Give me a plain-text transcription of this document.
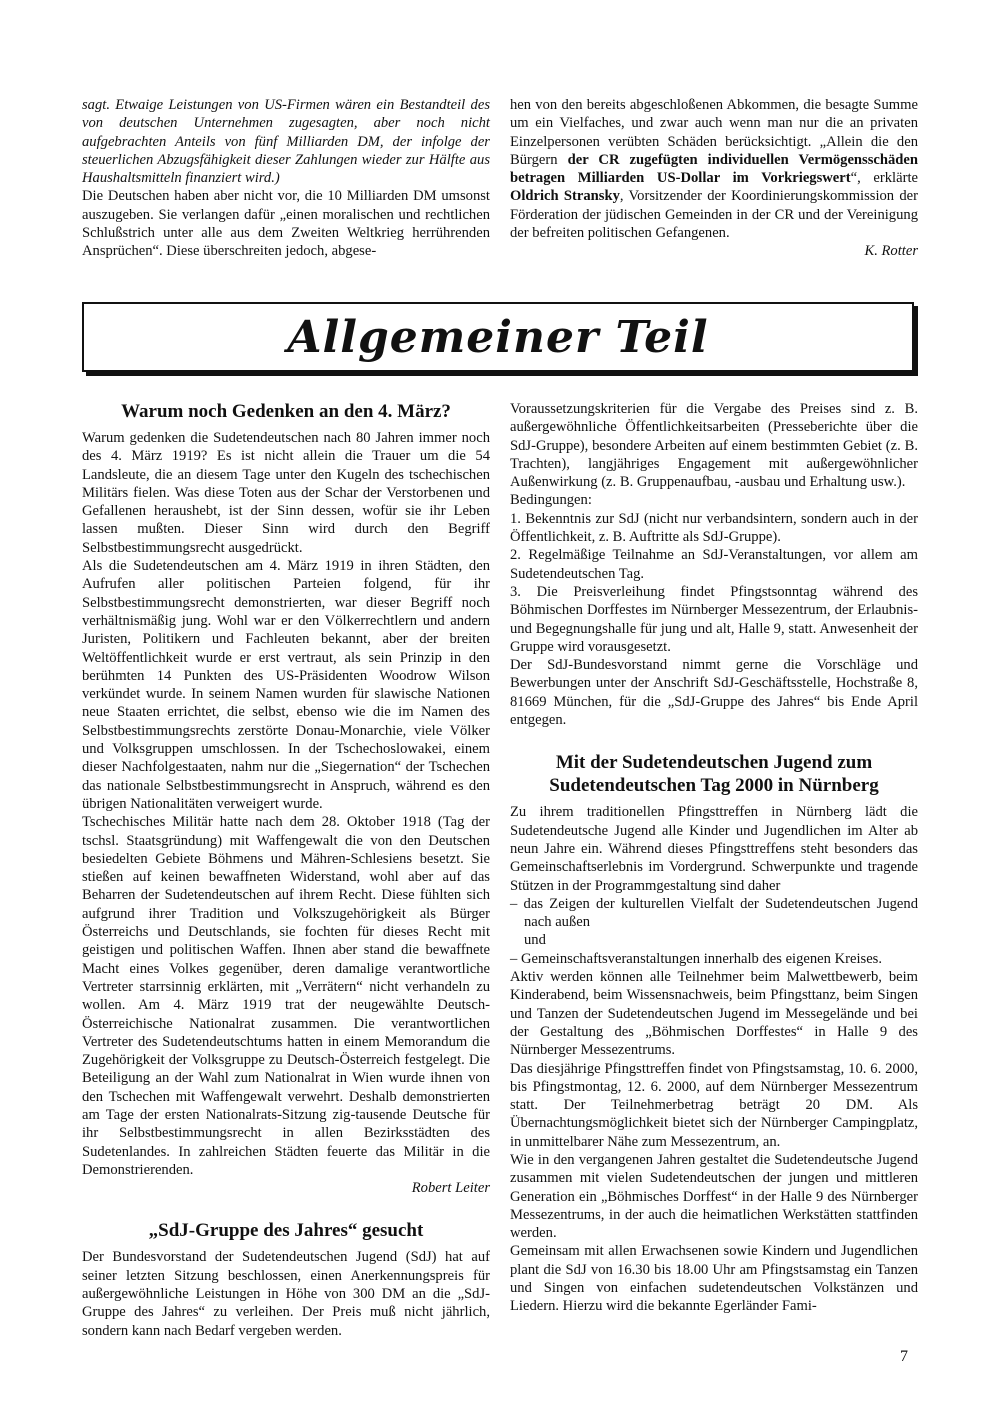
sagt. Etwaige Leistungen von US-Firmen wären ein Bestandteil des von deutschen Unternehmen zugesagten, aber noch nicht aufgebrachten Anteils von fünf Milliarden DM, der infolge der steuerlichen Abzugsfähigkeit dieser Zahlungen wieder zur Hälfte aus Haushaltsmitteln finanziert wird.)

Die Deutschen haben aber nicht vor, die 10 Milliarden DM umsonst auszugeben. Sie verlangen dafür „einen moralischen und rechtlichen Schlußstrich unter alle aus dem Zweiten Weltkrieg herrührenden Ansprüchen“. Diese überschreiten jedoch, abgese-

hen von den bereits abgeschloßenen Abkommen, die besagte Summe um ein Vielfaches, und zwar auch wenn man nur die an privaten Einzelpersonen verübten Schäden berücksichtigt. „Allein die den Bürgern der CR zugefügten individuellen Vermögensschäden betragen Milliarden US-Dollar im Vorkriegswert“, erklärte Oldrich Stransky, Vorsitzender der Koordinierungskommission der Förderation der jüdischen Gemeinden in der CR und der Vereinigung der befreiten politischen Gefangenen.

K. Rotter

Allgemeiner Teil
Warum noch Gedenken an den 4. März?

Warum gedenken die Sudetendeutschen nach 80 Jahren immer noch des 4. März 1919? Es ist nicht allein die Trauer um die 54 Landsleute, die an diesem Tage unter den Kugeln des tschechischen Militärs fielen. Was diese Toten aus der Schar der Verstorbenen und Gefallenen heraushebt, ist der Sinn dessen, wofür sie ihr Leben lassen mußten. Dieser Sinn wird durch den Begriff Selbstbestimmungsrecht ausgedrückt.

Als die Sudetendeutschen am 4. März 1919 in ihren Städten, den Aufrufen aller politischen Parteien folgend, für ihr Selbstbestimmungsrecht demonstrierten, war dieser Begriff noch verhältnismäßig jung. Wohl war er den Völkerrechtlern und andern Juristen, Politikern und Fachleuten bekannt, aber der breiten Weltöffentlichkeit wurde er erst vertraut, als sein Prinzip in den berühmten 14 Punkten des US-Präsidenten Woodrow Wilson verkündet wurde. In seinem Namen wurden für slawische Nationen neue Staaten errichtet, die selbst, ebenso wie die im Namen des Selbstbestimmungsrechts zerstörte Donau-Monarchie, viele Völker und Volksgruppen umschlossen. In der Tschechoslowakei, einem dieser Nachfolgestaaten, nahm nur die „Siegernation“ der Tschechen das nationale Selbstbestimmungsrecht in Anspruch, während es den übrigen Nationalitäten verweigert wurde.

Tschechisches Militär hatte nach dem 28. Oktober 1918 (Tag der tschsl. Staatsgründung) mit Waffengewalt die von den Deutschen besiedelten Gebiete Böhmens und Mähren-Schlesiens besetzt. Sie stießen auf keinen bewaffneten Widerstand, wohl aber auf das Beharren der Sudetendeutschen auf ihrem Recht. Diese fühlten sich aufgrund ihrer Tradition und Volkszugehörigkeit als Bürger Österreichs und Deutschlands, sie fochten für dieses Recht mit geistigen und politischen Waffen. Ihnen aber stand die bewaffnete Macht eines Volkes gegenüber, deren damalige verantwortliche Vertreter starrsinnig erklärten, mit „Verrätern“ nicht verhandeln zu wollen. Am 4. März 1919 trat der neugewählte Deutsch-Österreichische Nationalrat zusammen. Die verantwortlichen Vertreter des Sudetendeutschtums hatten in einem Memorandum die Zugehörigkeit der Volksgruppe zu Deutsch-Österreich festgelegt. Die Beteiligung an der Wahl zum Nationalrat in Wien wurde ihnen von den Tschechen mit Waffengewalt verwehrt. Deshalb demonstrierten am Tage der ersten Nationalrats-Sitzung zig-tausende Deutsche für ihr Selbstbestimmungsrecht in allen Bezirksstädten des Sudetenlandes. In zahlreichen Städten feuerte das Militär in die Demonstrierenden.

Robert Leiter

„SdJ-Gruppe des Jahres“ gesucht

Der Bundesvorstand der Sudetendeutschen Jugend (SdJ) hat auf seiner letzten Sitzung beschlossen, einen Anerkennungspreis für außergewöhnliche Leistungen in Höhe von 300 DM an die „SdJ-Gruppe des Jahres“ zu verleihen. Der Preis muß nicht jährlich, sondern kann nach Bedarf vergeben werden.

Voraussetzungskriterien für die Vergabe des Preises sind z. B. außergewöhnliche Öffentlichkeitsarbeiten (Presseberichte über die SdJ-Gruppe), besondere Arbeiten auf einem bestimmten Gebiet (z. B. Trachten), langjähriges Engagement mit außergewöhnlicher Außenwirkung (z. B. Gruppenaufbau, -ausbau und Erhaltung usw.).

Bedingungen:

1. Bekenntnis zur SdJ (nicht nur verbandsintern, sondern auch in der Öffentlichkeit, z. B. Auftritte als SdJ-Gruppe).

2. Regelmäßige Teilnahme an SdJ-Veranstaltungen, vor allem am Sudetendeutschen Tag.

3. Die Preisverleihung findet Pfingstsonntag während des Böhmischen Dorffestes im Nürnberger Messezentrum, der Erlaubnis- und Begegnungshalle für jung und alt, Halle 9, statt. Anwesenheit der Gruppe wird vorausgesetzt.

Der SdJ-Bundesvorstand nimmt gerne die Vorschläge und Bewerbungen unter der Anschrift SdJ-Geschäftsstelle, Hochstraße 8, 81669 München, für die „SdJ-Gruppe des Jahres“ bis Ende April entgegen.

Mit der Sudetendeutschen Jugend zum
Sudetendeutschen Tag 2000 in Nürnberg

Zu ihrem traditionellen Pfingsttreffen in Nürnberg lädt die Sudetendeutsche Jugend alle Kinder und Jugendlichen im Alter ab neun Jahre ein. Während dieses Pfingsttreffens steht besonders das Gemeinschaftserlebnis im Vordergrund. Schwerpunkte und tragende Stützen in der Programmgestaltung sind daher

– das Zeigen der kulturellen Vielfalt der Sudetendeutschen Jugend nach außen

und

– Gemeinschaftsveranstaltungen innerhalb des eigenen Kreises.

Aktiv werden können alle Teilnehmer beim Malwettbewerb, beim Kinderabend, beim Wissensnachweis, beim Pfingsttanz, beim Singen und Tanzen der Sudetendeutschen Jugend im Messegelände und bei der Gestaltung des „Böhmischen Dorffestes“ in Halle 9 des Nürnberger Messezentrums.

Das diesjährige Pfingsttreffen findet von Pfingstsamstag, 10. 6. 2000, bis Pfingstmontag, 12. 6. 2000, auf dem Nürnberger Messezentrum statt. Der Teilnehmerbetrag beträgt 20 DM. Als Übernachtungsmöglichkeit bietet sich der Nürnberger Campingplatz, in unmittelbarer Nähe zum Messezentrum, an.

Wie in den vergangenen Jahren gestaltet die Sudetendeutsche Jugend zusammen mit vielen Sudetendeutschen der jungen und mittleren Generation ein „Böhmisches Dorffest“ in der Halle 9 des Nürnberger Messezentrums, in der auch die heimatlichen Werkstätten stattfinden werden.

Gemeinsam mit allen Erwachsenen sowie Kindern und Jugendlichen plant die SdJ von 16.30 bis 18.00 Uhr am Pfingstsamstag ein Tanzen und Singen von einfachen sudetendeutschen Volkstänzen und Liedern. Hierzu wird die bekannte Egerländer Fami-

7
